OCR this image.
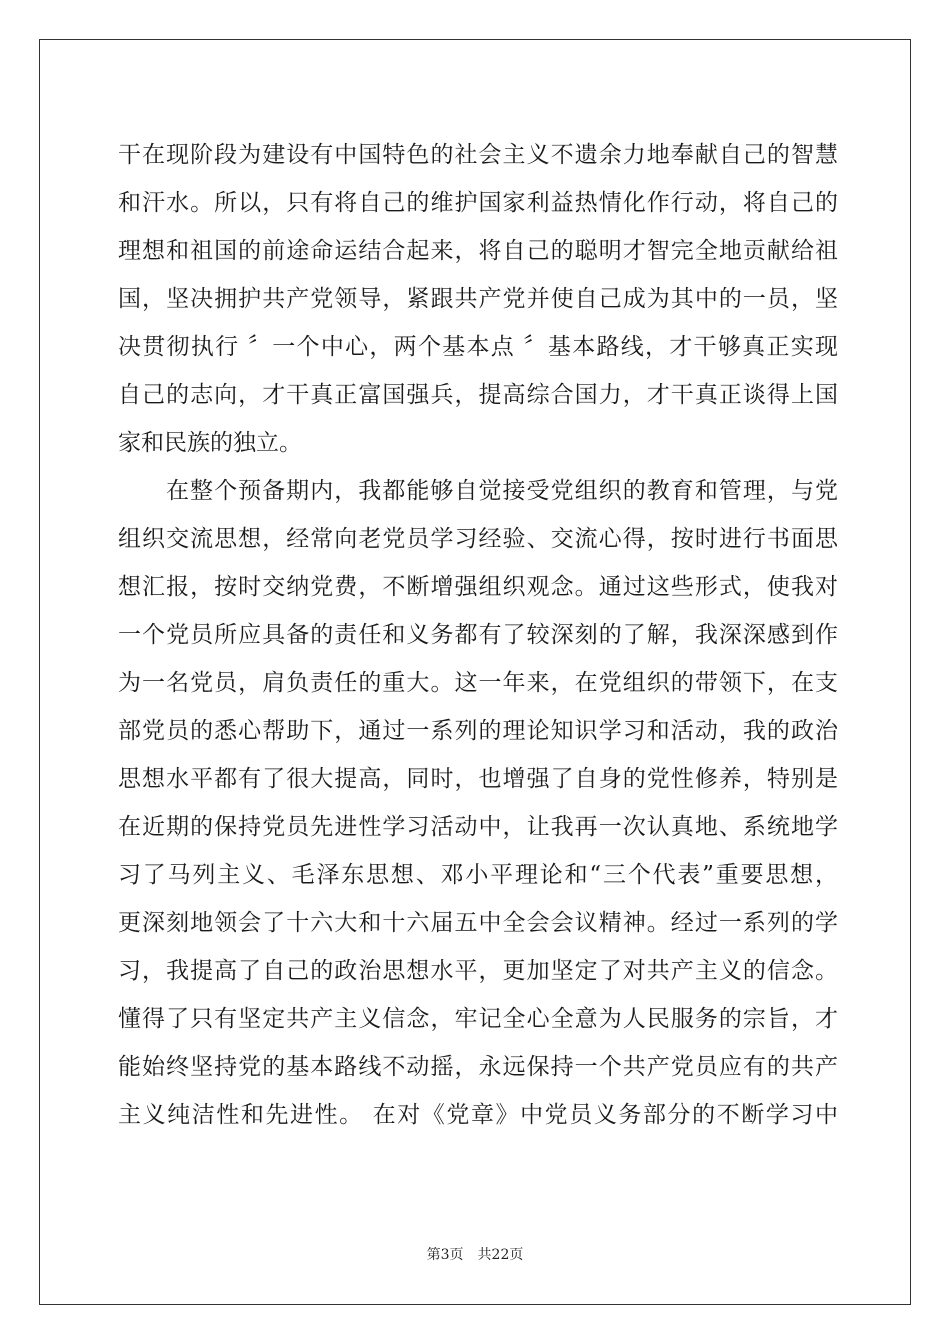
干在现阶段为建设有中国特色的社会主义不遗余力地奉献自己的智慧
和汗水。所以，只有将自己的维护国家利益热情化作行动，将自己的
理想和祖国的前途命运结合起来，将自己的聪明才智完全地贡献给祖
国，坚决拥护共产党领导，紧跟共产党并使自己成为其中的一员，坚
决贯彻执行 〞一个中心，两个基本点 〞基本路线，才干够真正实现
自己的志向，才干真正富国强兵，提高综合国力，才干真正谈得上国
家和民族的独立。
在整个预备期内，我都能够自觉接受党组织的教育和管理，与党
组织交流思想，经常向老党员学习经验、交流心得，按时进行书面思
想汇报，按时交纳党费，不断增强组织观念。通过这些形式，使我对
一个党员所应具备的责任和义务都有了较深刻的了解，我深深感到作
为一名党员，肩负责任的重大。这一年来，在党组织的带领下，在支
部党员的悉心帮助下，通过一系列的理论知识学习和活动，我的政治
思想水平都有了很大提高，同时，也增强了自身的党性修养，特别是
在近期的保持党员先进性学习活动中，让我再一次认真地、系统地学
习了马列主义、毛泽东思想、邓小平理论和“三个代表”重要思想，
更深刻地领会了十六大和十六届五中全会会议精神。经过一系列的学
习，我提高了自己的政治思想水平，更加坚定了对共产主义的信念。
懂得了只有坚定共产主义信念，牢记全心全意为人民服务的宗旨，才
能始终坚持党的基本路线不动摇，永远保持一个共产党员应有的共产
主义纯洁性和先进性。 在对《党章》中党员义务部分的不断学习中
第3页　共22页
